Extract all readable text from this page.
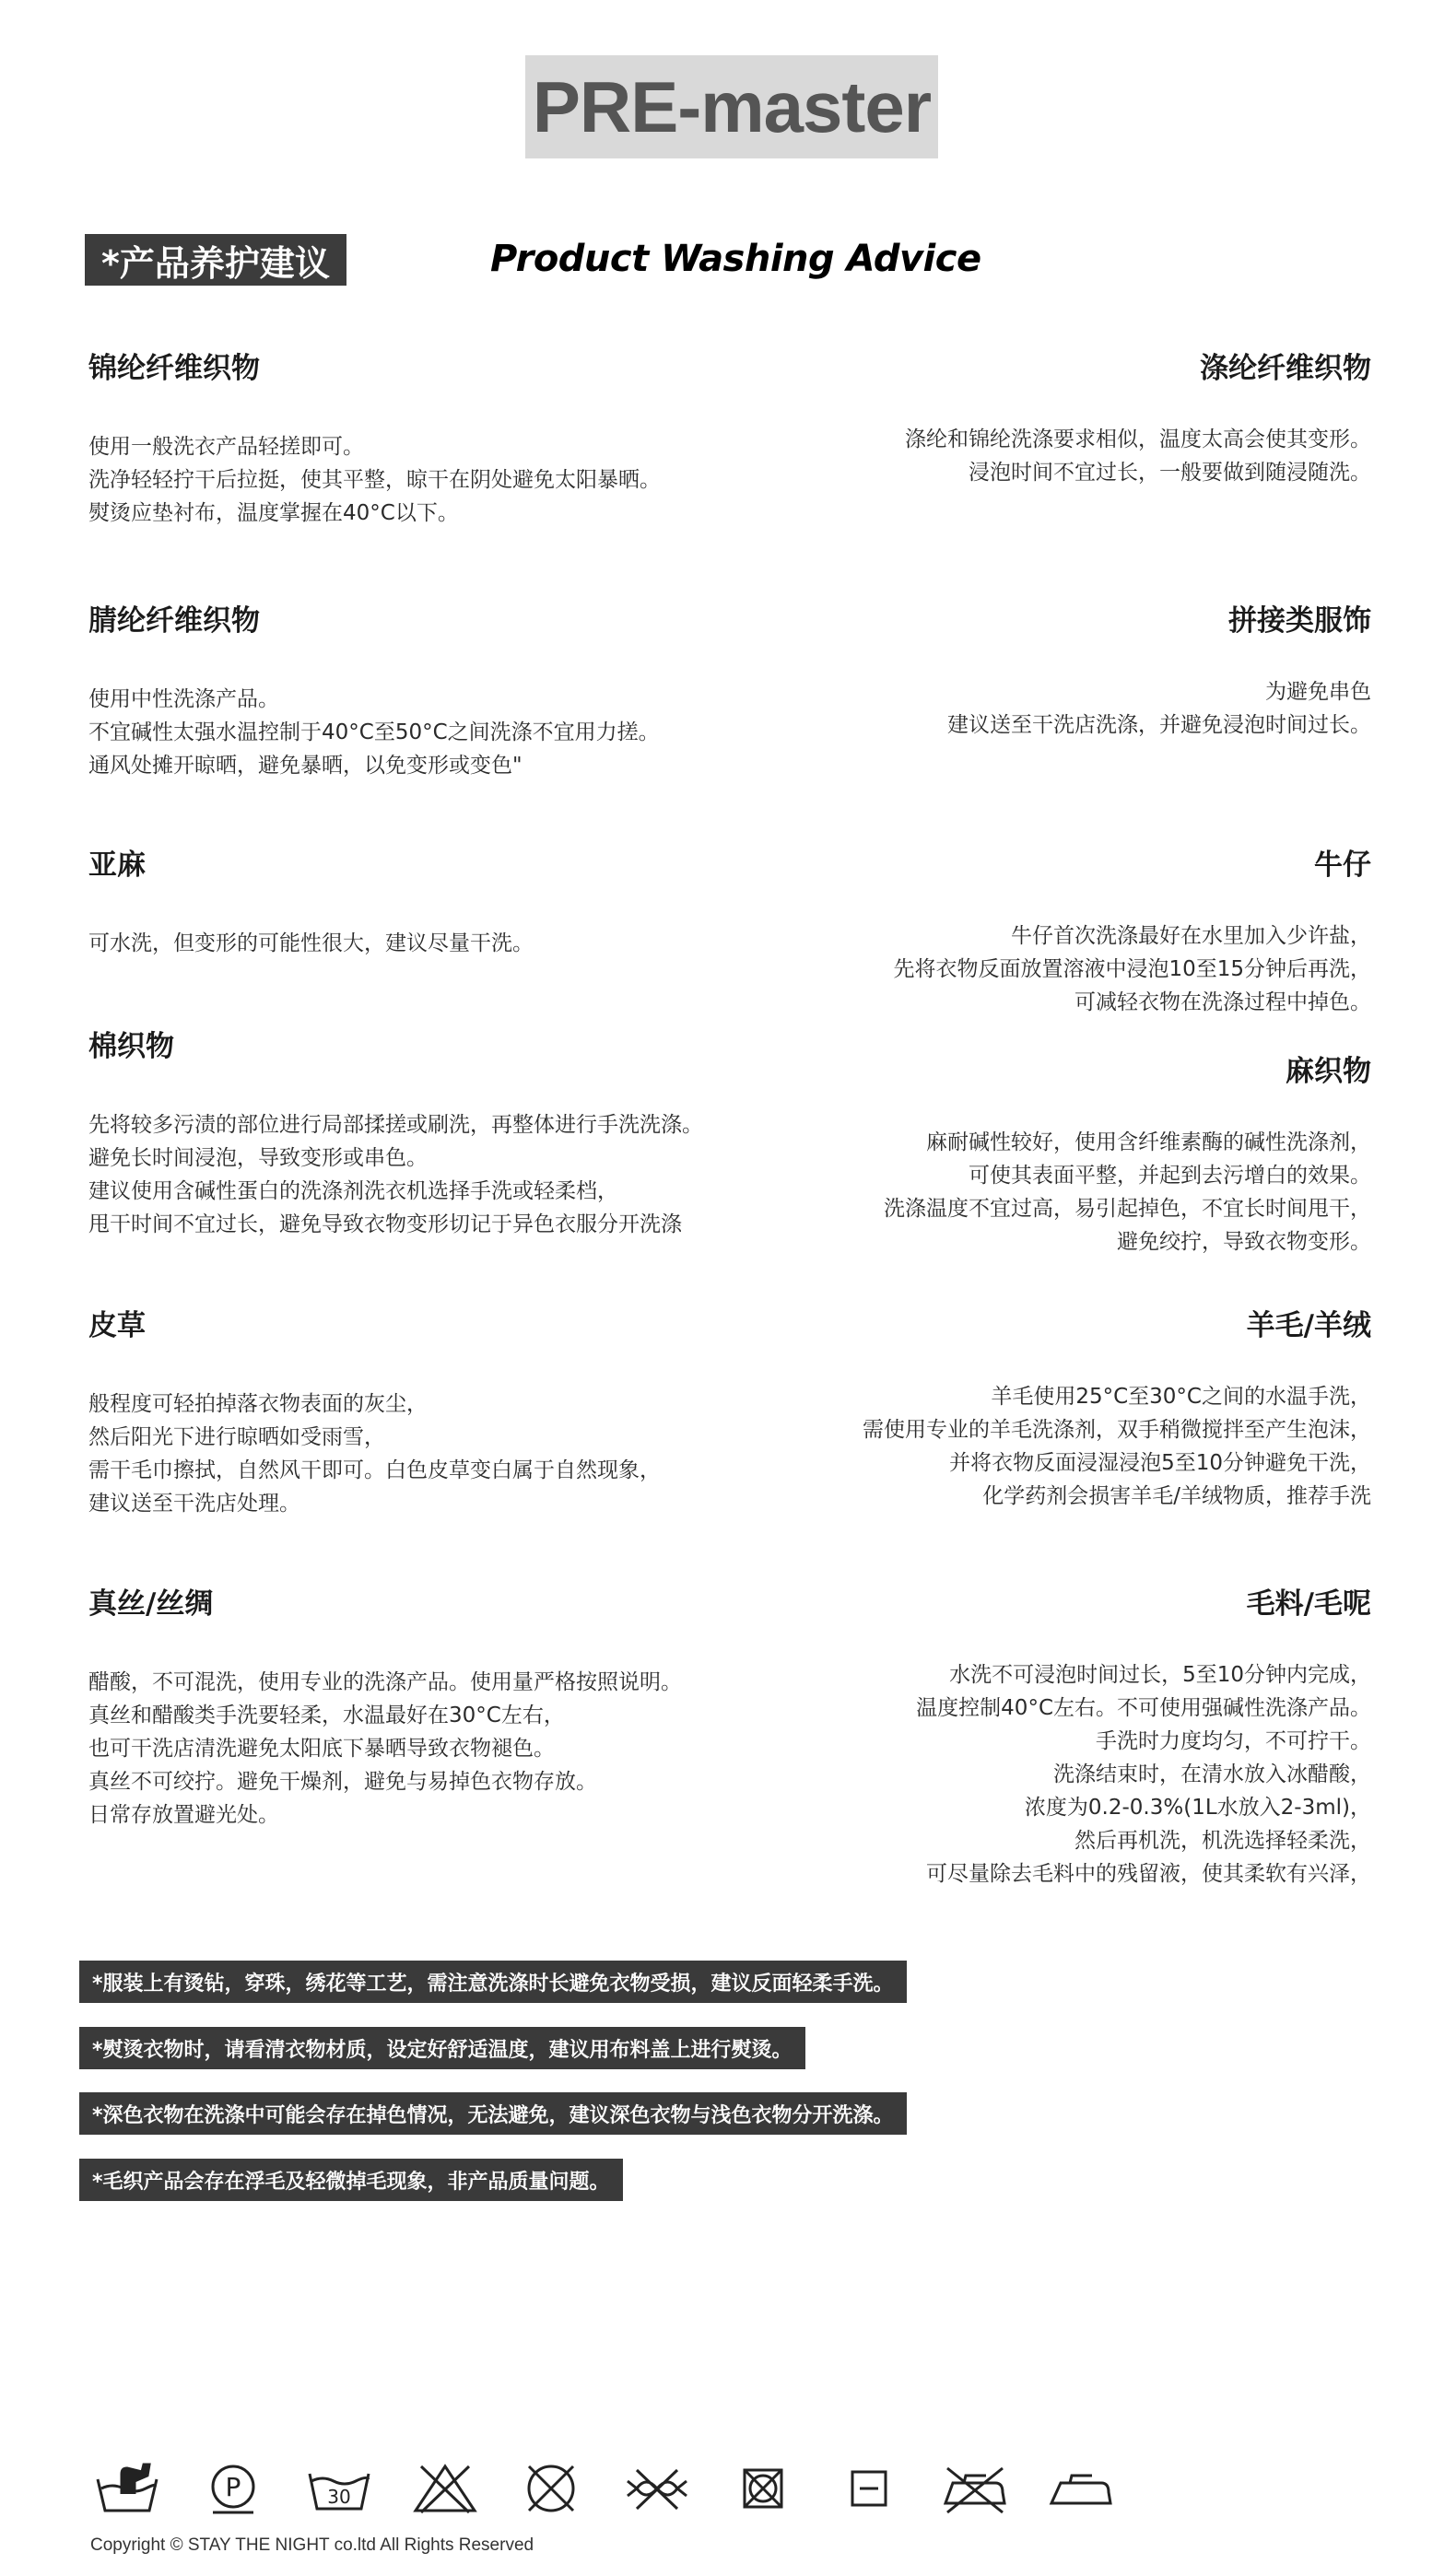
PRE-master
*产品养护建议	Product Washing Advice
锦纶纤维织物

使用一般洗衣产品轻搓即可。

洗净轻轻拧干后拉挺，使其平整，晾干在阴处避免太阳暴晒。

熨烫应垫衬布，温度掌握在40°C以下。

涤纶纤维织物

涤纶和锦纶洗涤要求相似，温度太高会使其变形。

浸泡时间不宜过长，一般要做到随浸随洗。

腈纶纤维织物

使用中性洗涤产品。

不宜碱性太强水温控制于40°C至50°C之间洗涤不宜用力搓。

通风处摊开晾晒，避免暴晒，以免变形或变色"

拼接类服饰

为避免串色

建议送至干洗店洗涤，并避免浸泡时间过长。

亚麻

可水洗，但变形的可能性很大，建议尽量干洗。

牛仔

牛仔首次洗涤最好在水里加入少许盐，

先将衣物反面放置溶液中浸泡10至15分钟后再洗，

可减轻衣物在洗涤过程中掉色。

棉织物

先将较多污渍的部位进行局部揉搓或刷洗，再整体进行手洗洗涤。

避免长时间浸泡，导致变形或串色。

建议使用含碱性蛋白的洗涤剂洗衣机选择手洗或轻柔档，

甩干时间不宜过长，避免导致衣物变形切记于异色衣服分开洗涤

麻织物

麻耐碱性较好，使用含纤维素酶的碱性洗涤剂，

可使其表面平整，并起到去污增白的效果。

洗涤温度不宜过高，易引起掉色，不宜长时间甩干，

避免绞拧，导致衣物变形。

皮草

般程度可轻拍掉落衣物表面的灰尘，

然后阳光下进行晾晒如受雨雪，

需干毛巾擦拭，自然风干即可。白色皮草变白属于自然现象，

建议送至干洗店处理。

羊毛/羊绒

羊毛使用25°C至30°C之间的水温手洗，

需使用专业的羊毛洗涤剂，双手稍微搅拌至产生泡沫，

并将衣物反面浸湿浸泡5至10分钟避免干洗，

化学药剂会损害羊毛/羊绒物质，推荐手洗

真丝/丝绸

醋酸，不可混洗，使用专业的洗涤产品。使用量严格按照说明。

真丝和醋酸类手洗要轻柔，水温最好在30°C左右，

也可干洗店清洗避免太阳底下暴晒导致衣物褪色。

真丝不可绞拧。避免干燥剂，避免与易掉色衣物存放。

日常存放置避光处。

毛料/毛呢

水洗不可浸泡时间过长，5至10分钟内完成，

温度控制40°C左右。不可使用强碱性洗涤产品。

手洗时力度均匀，不可拧干。

洗涤结束时，在清水放入冰醋酸，

浓度为0.2-0.3%(1L水放入2-3ml)，

然后再机洗，机洗选择轻柔洗，

可尽量除去毛料中的残留液，使其柔软有兴泽，

*服装上有烫钻，穿珠，绣花等工艺，需注意洗涤时长避免衣物受损，建议反面轻柔手洗。
*熨烫衣物时，请看清衣物材质，设定好舒适温度，建议用布料盖上进行熨烫。
*深色衣物在洗涤中可能会存在掉色情况，无法避免，建议深色衣物与浅色衣物分开洗涤。
*毛织产品会存在浮毛及轻微掉毛现象，非产品质量问题。
P	30
Copyright © STAY THE NIGHT co.ltd All Rights Reserved
